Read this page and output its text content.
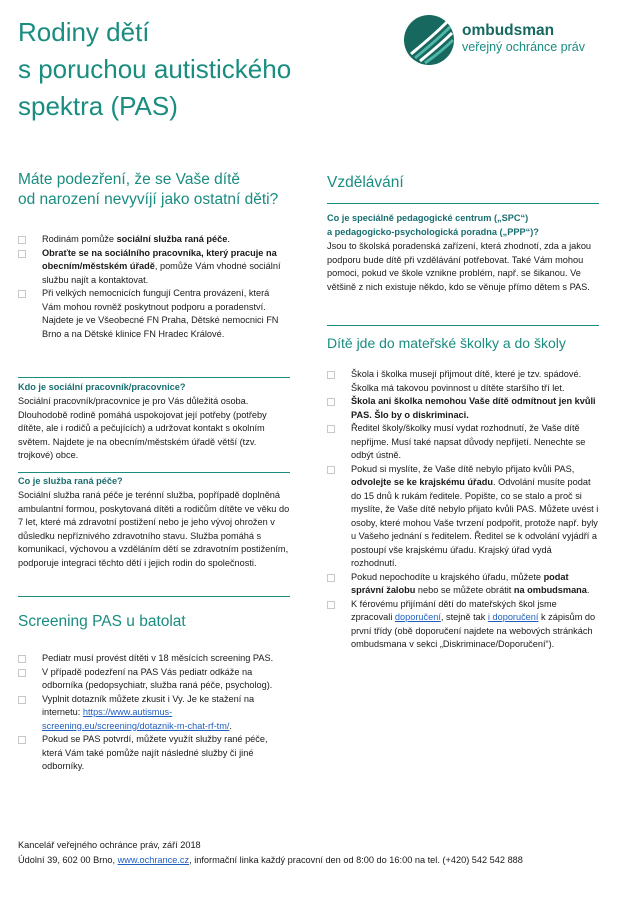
Rodiny dětí
s poruchou autistického
spektra (PAS)
ombudsman
veřejný ochránce práv
Máte podezření, že se Vaše dítě
od narození nevyvíjí jako ostatní děti?
Rodinám pomůže sociální služba raná péče.
Obraťte se na sociálního pracovníka, který pracuje na obecním/městském úřadě, pomůže Vám vhodné sociální službu najít a kontaktovat.
Při velkých nemocnicích fungují Centra provázení, která Vám mohou rovněž poskytnout podporu a poradenství. Najdete je ve Všeobecné FN Praha, Dětské nemocnici FN Brno a na Dětské klinice FN Hradec Králové.
Kdo je sociální pracovník/pracovnice?
Sociální pracovník/pracovnice je pro Vás důležitá osoba. Dlouhodobě rodině pomáhá uspokojovat její potřeby (potřeby dítěte, ale i rodičů a pečujících) a udržovat kontakt s okolním světem. Najdete je na obecním/městském úřadě větší (tzv. trojkové) obce.
Co je služba raná péče?
Sociální služba raná péče je terénní služba, popřípadě doplněná ambulantní formou, poskytovaná dítěti a rodičům dítěte ve věku do 7 let, které má zdravotní postižení nebo je jeho vývoj ohrožen v důsledku nepříznivého zdravotního stavu. Služba pomáhá s komunikací, výchovou a vzděláním dětí se zdravotním postižením, podporuje integraci těchto dětí i jejich rodin do společnosti.
Screening PAS u batolat
Pediatr musí provést dítěti v 18 měsících screening PAS.
V případě podezření na PAS Vás pediatr odkáže na odborníka (pedopsychiatr, služba raná péče, psycholog).
Vyplnit dotazník můžete zkusit i Vy. Je ke stažení na internetu: https://www.autismus-screening.eu/screening/dotaznik-m-chat-rf-tm/.
Pokud se PAS potvrdí, můžete využít služby rané péče, která Vám také pomůže najít následné služby či jiné odborníky.
Vzdělávání
Co je speciálně pedagogické centrum („SPC“)
a pedagogicko-psychologická poradna („PPP“)?
Jsou to školská poradenská zařízení, která zhodnotí, zda a jakou podporu bude dítě při vzdělávání potřebovat. Také Vám mohou pomoci, pokud ve škole vznikne problém, např. se šikanou. Ve většině z nich existuje někdo, kdo se věnuje přímo dětem s PAS.
Dítě jde do mateřské školky a do školy
Škola i školka musejí přijmout dítě, které je tzv. spádové. Školka má takovou povinnost u dítěte staršího tří let.
Škola ani školka nemohou Vaše dítě odmítnout jen kvůli PAS. Šlo by o diskriminaci.
Ředitel školy/školky musí vydat rozhodnutí, že Vaše dítě nepřijme. Musí také napsat důvody nepřijetí. Nenechte se odbýt ústně.
Pokud si myslíte, že Vaše dítě nebylo přijato kvůli PAS, odvolejte se ke krajskému úřadu. Odvolání musíte podat do 15 dnů k rukám ředitele. Popište, co se stalo a proč si myslíte, že Vaše dítě nebylo přijato kvůli PAS. Můžete uvést i osoby, které mohou Vaše tvrzení podpořit, protože např. byly u Vašeho jednání s ředitelem. Ředitel se k odvolání vyjádří a postoupí vše krajskému úřadu. Krajský úřad vydá rozhodnutí.
Pokud nepochodíte u krajského úřadu, můžete podat správní žalobu nebo se můžete obrátit na ombudsmana.
K férovému přijímání dětí do mateřských škol jsme zpracovali doporučení, stejně tak i doporučení k zápisům do první třídy (obě doporučení najdete na webových stránkách ombudsmana v sekci „Diskriminace/Doporučení“).
Kancelář veřejného ochránce práv, září 2018
Údolní 39, 602 00 Brno, www.ochrance.cz, informační linka každý pracovní den od 8:00 do 16:00 na tel. (+420) 542 542 888
